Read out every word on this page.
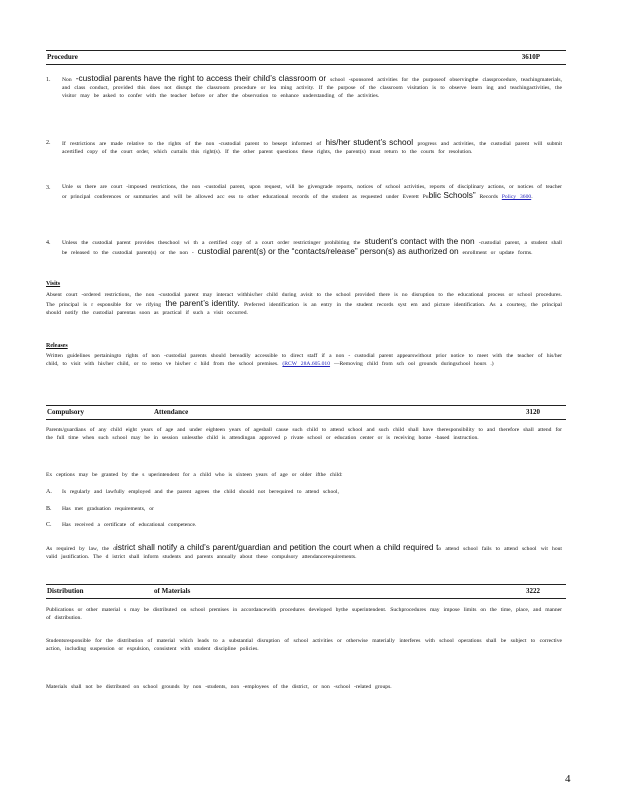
Procedure	3610P
1. Non -custodial parents have the right to access their child’s classroom or school -sponsored activities for the purposeof observingthe classprocedure, teachingmaterials, and class conduct, provided this does not disrupt the classroom procedure or lea ming activity. If the purpose of the classroom visitation is to observe learn ing and teachingactivities, the visitor may be asked to confer with the teacher before or after the observation to enhance understanding of the activities.
2. If restrictions are made relative to the rights of the non -custodial parent to beкept informed of his/her student’s school progress and activities, the custodial parent will submit acertified copy of the court order, which curtails this right(s). If the other parent questions these rights, the parent(s) must return to the courts for resolution.
3. Unle ss there are court -imposed restrictions, the non -custodial parent, upon request, will be givengrade reports, notices of school activities, reports of disciplinary actions, or notices of teacher or principal conferences or summaries and will be allowed acc ess to other educational records of the student as requested under Everett Public Schools” Records Policy 3600.
4. Unless the custodial parent provides theschool wi th a certified copy of a court order restrictinger prohibiting the student’s contact with the non -custodial parent, a student shall be released to the custodial parent(s) or the non - custodial parent(s) or the “contacts/release” person(s) as authorized on enrollment or update forms.
Visits
Absent court -ordered restrictions, the non -custodial parent may interact withhis/her child during avisit to the school provided there is no disruption to the educational process or school procedures. The principal is r esponsible for ve rifying the parent’s identity. Preferred identification is an entry in the student records syst em and picture identification. As a courtesy, the principal should notify the custodial parentas soon as practical if such a visit occurred.
Releases
Written guidelines pertainingto rights of non -custodial parents should bereadily accessible to direct staff if a non - custodial parent appearswithout prior notice to meet with the teacher of his/her child, to visit with his/her child, or to remo ve his/her c hild from the school premises. (RCW 28A.605.010 —Removing child from sch ool grounds duringschool hours .)
Compulsory	Attendance	3120
Parents/guardians of any child eight years of age and under eighteen years of agesball cause such child to attend school and such child shall have theresponsibility to and therefore shall attend for the full time when such school may be in session unlessthe child is attendingan approved p rivate school or education center or is receiving home -based instruction.
Ex ceptions may be granted by the s uperintendent for a child who is sixteen years of age or older ifthe child:
A. Is regularly and lawfully employed and the parent agrees the child should not beгequired to attend school,
B. Has met graduation requirements, or
C. Has received a certificate of educational competence.
As required by law, the district shall notify a child’s parent/guardian and petition the court when a child required to attend school fails to attend school wit hout valid justification. The d istrict shall inform students and parents annually about these compulsory attendancerequirements.
Distribution	of Materials	3222
Publications or other material s may be distributed on school premises in accordancewith procedures developed bythe superintendent. Suchprocedures may impose limits on the time, place, and manner of distribution.
Studentsresponsible for the distribution of material which leads to a substantial disruption of school activities or otherwise materially interferes with school operations shall be subject to corrective action, including suspension or expulsion, consistent with student discipline policies.
Materials shall not be distributed on school grounds by non -students, non -employees of the district, or non -school -related groups.
4
